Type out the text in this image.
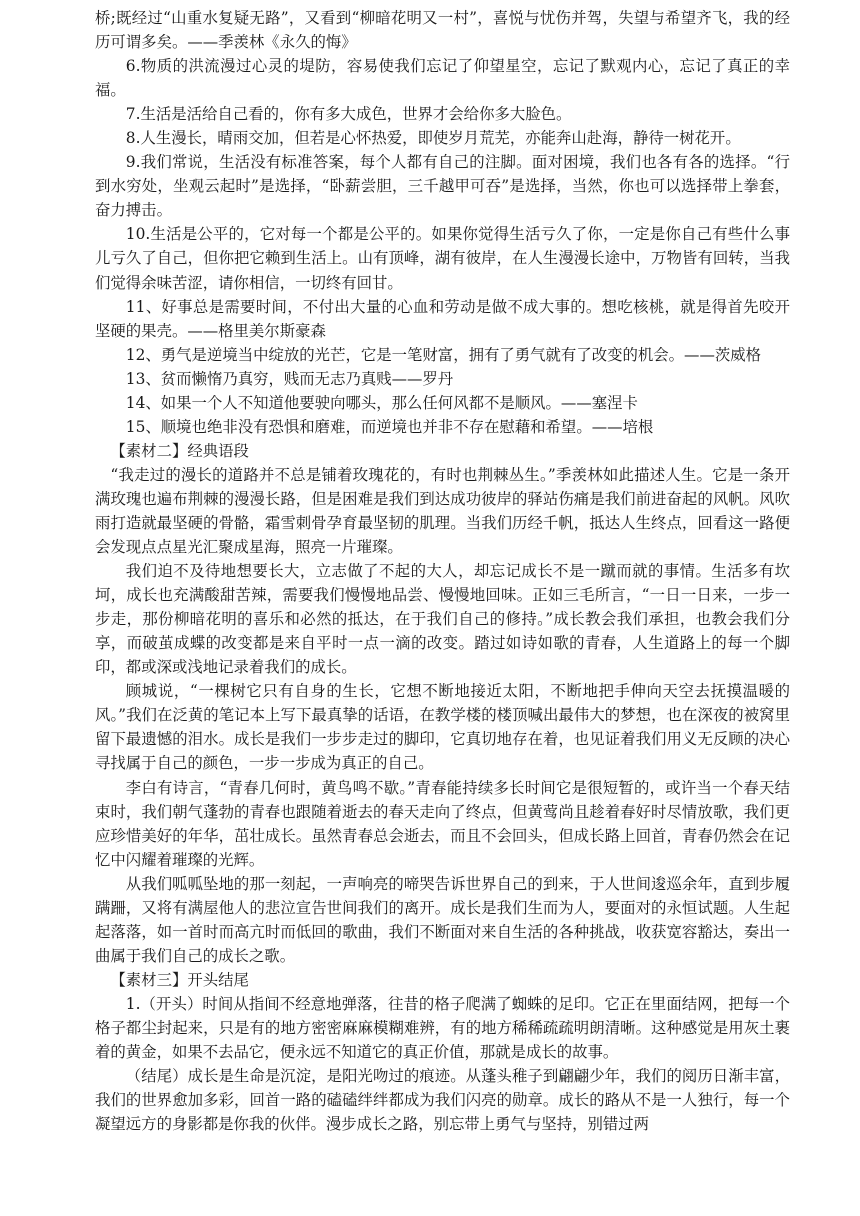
桥;既经过“山重水复疑无路”，又看到“柳暗花明又一村”，喜悦与忧伤并驾，失望与希望齐飞，我的经历可谓多矣。——季羡林《永久的悔》

6.物质的洪流漫过心灵的堤防，容易使我们忘记了仰望星空，忘记了默观内心，忘记了真正的幸福。

7.生活是活给自己看的，你有多大成色，世界才会给你多大脸色。

8.人生漫长，晴雨交加，但若是心怀热爱，即使岁月荒芜，亦能奔山赴海，静待一树花开。

9.我们常说，生活没有标准答案，每个人都有自己的注脚。面对困境，我们也各有各的选择。“行到水穷处，坐观云起时”是选择，“卧薪尝胆，三千越甲可吞”是选择，当然，你也可以选择带上拳套，奋力搏击。

10.生活是公平的，它对每一个都是公平的。如果你觉得生活亏久了你，一定是你自己有些什么事儿亏久了自己，但你把它赖到生活上。山有顶峰，湖有彼岸，在人生漫漫长途中，万物皆有回转，当我们觉得余味苦涩，请你相信，一切终有回甘。

11、好事总是需要时间，不付出大量的心血和劳动是做不成大事的。想吃核桃，就是得首先咬开坚硬的果壳。——格里美尔斯豪森

12、勇气是逆境当中绽放的光芒，它是一笔财富，拥有了勇气就有了改变的机会。——茨威格

13、贫而懒惰乃真穷，贱而无志乃真贱——罗丹

14、如果一个人不知道他要驶向哪头，那么任何风都不是顺风。——塞涅卡

15、顺境也绝非没有恐惧和磨难，而逆境也并非不存在慰藉和希望。——培根

【素材二】经典语段

“我走过的漫长的道路并不总是铺着玫瑰花的，有时也荆棘丛生。”季羡林如此描述人生。它是一条开满玫瑰也遍布荆棘的漫漫长路，但是困难是我们到达成功彼岸的驿站伤痛是我们前进奋起的风帆。风吹雨打造就最坚硬的骨骼，霜雪刺骨孕育最坚韧的肌理。当我们历经千帆，抵达人生终点，回看这一路便会发现点点星光汇聚成星海，照亮一片璀璨。

我们迫不及待地想要长大，立志做了不起的大人，却忘记成长不是一蹴而就的事情。生活多有坎坷，成长也充满酸甜苦辣，需要我们慢慢地品尝、慢慢地回味。正如三毛所言，“一日一日来，一步一步走，那份柳暗花明的喜乐和必然的抵达，在于我们自己的修持。”成长教会我们承担，也教会我们分享，而破茧成蝶的改变都是来自平时一点一滴的改变。踏过如诗如歌的青春，人生道路上的每一个脚印，都或深或浅地记录着我们的成长。

顾城说，“一棵树它只有自身的生长，它想不断地接近太阳，不断地把手伸向天空去抚摸温暖的风。”我们在泛黄的笔记本上写下最真挚的话语，在教学楼的楼顶喊出最伟大的梦想，也在深夜的被窝里留下最遗憾的泪水。成长是我们一步步走过的脚印，它真切地存在着，也见证着我们用义无反顾的决心寻找属于自己的颜色，一步一步成为真正的自己。

李白有诗言，“青春几何时，黄鸟鸣不歇。”青春能持续多长时间它是很短暂的，或许当一个春天结束时，我们朝气蓬勃的青春也跟随着逝去的春天走向了终点，但黄莺尚且趁着春好时尽情放歌，我们更应珍惜美好的年华，茁壮成长。虽然青春总会逝去，而且不会回头，但成长路上回首，青春仍然会在记忆中闪耀着璀璨的光辉。

从我们呱呱坠地的那一刻起，一声响亮的啼哭告诉世界自己的到来，于人世间逡巡余年，直到步履蹒跚，又将有满屋他人的悲泣宣告世间我们的离开。成长是我们生而为人，要面对的永恒试题。人生起起落落，如一首时而高亢时而低回的歌曲，我们不断面对来自生活的各种挑战，收获宽容豁达，奏出一曲属于我们自己的成长之歌。

【素材三】开头结尾

1.（开头）时间从指间不经意地弹落，往昔的格子爬满了蜘蛛的足印。它正在里面结网，把每一个格子都尘封起来，只是有的地方密密麻麻模糊难辨，有的地方稀稀疏疏明朗清晰。这种感觉是用灰土裹着的黄金，如果不去品它，便永远不知道它的真正价值，那就是成长的故事。

（结尾）成长是生命是沉淀，是阳光吻过的痕迹。从蓬头稚子到翩翩少年，我们的阅历日渐丰富，我们的世界愈加多彩，回首一路的磕磕绊绊都成为我们闪亮的勋章。成长的路从不是一人独行，每一个凝望远方的身影都是你我的伙伴。漫步成长之路，别忘带上勇气与坚持，别错过两
